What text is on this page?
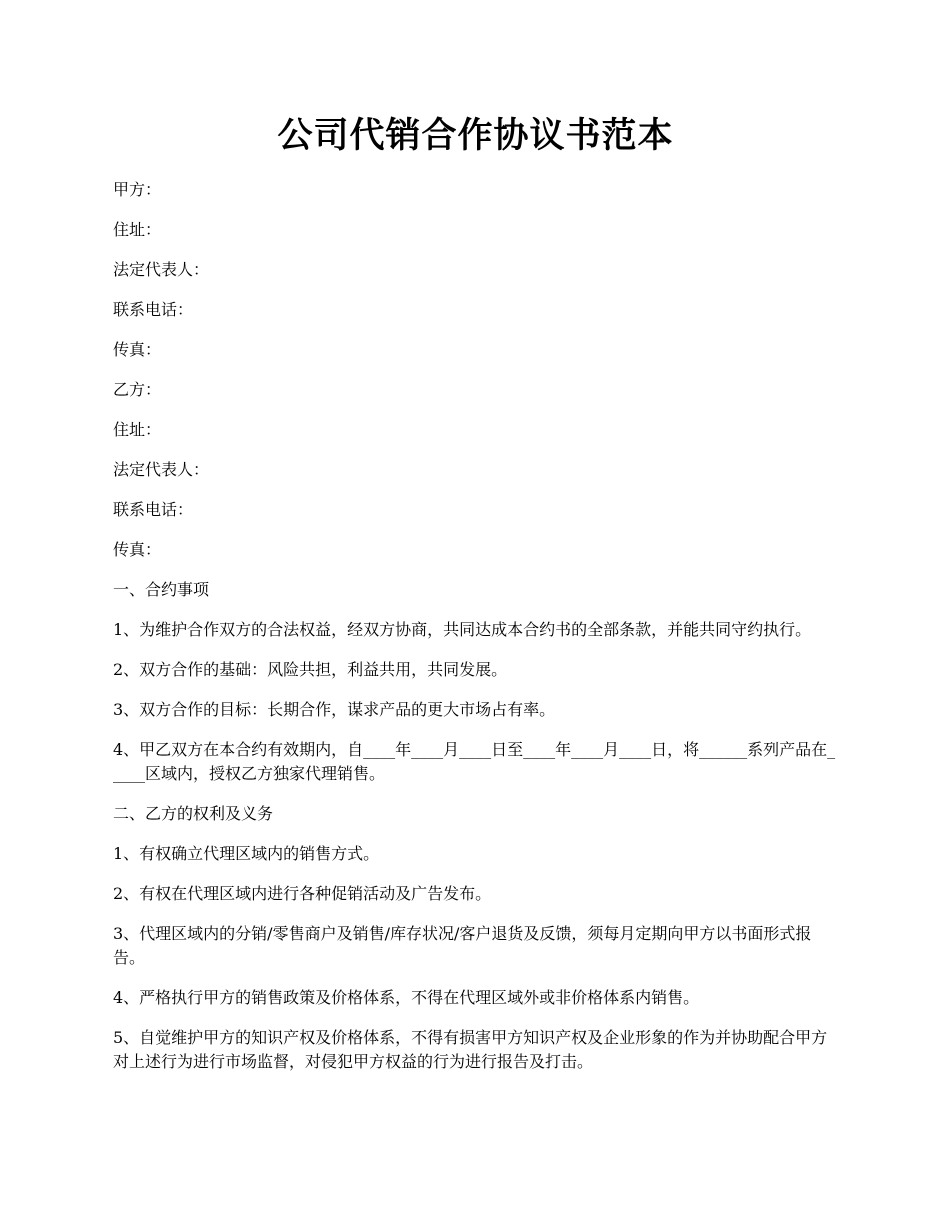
公司代销合作协议书范本

甲方：

住址：

法定代表人：

联系电话：

传真：

乙方：

住址：

法定代表人：

联系电话：

传真：

一、合约事项

1、为维护合作双方的合法权益，经双方协商，共同达成本合约书的全部条款，并能共同守约执行。

2、双方合作的基础：风险共担，利益共用，共同发展。

3、双方合作的目标：长期合作，谋求产品的更大市场占有率。

4、甲乙双方在本合约有效期内，自____年____月____日至____年____月____日，将______系列产品在_____区域内，授权乙方独家代理销售。

二、乙方的权利及义务

1、有权确立代理区域内的销售方式。

2、有权在代理区域内进行各种促销活动及广告发布。

3、代理区域内的分销/零售商户及销售/库存状况/客户退货及反馈，须每月定期向甲方以书面形式报告。

4、严格执行甲方的销售政策及价格体系，不得在代理区域外或非价格体系内销售。

5、自觉维护甲方的知识产权及价格体系，不得有损害甲方知识产权及企业形象的作为并协助配合甲方对上述行为进行市场监督，对侵犯甲方权益的行为进行报告及打击。
